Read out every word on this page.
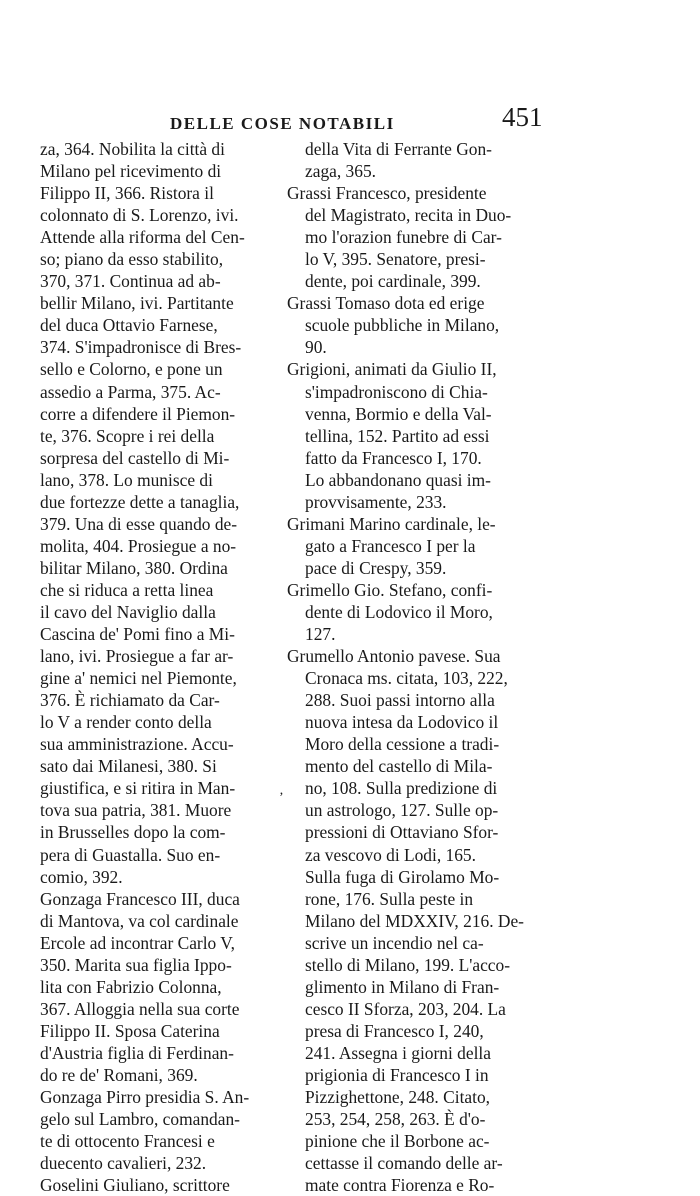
DELLE COSE NOTABILI	451
za, 364. Nobilita la città di
Milano pel ricevimento di
Filippo II, 366. Ristora il
colonnato di S. Lorenzo, ivi.
Attende alla riforma del Cen-
so; piano da esso stabilito,
370, 371. Continua ad ab-
bellir Milano, ivi. Partitante
del duca Ottavio Farnese,
374. S'impadronisce di Bres-
sello e Colorno, e pone un
assedio a Parma, 375. Ac-
corre a difendere il Piemon-
te, 376. Scopre i rei della
sorpresa del castello di Mi-
lano, 378. Lo munisce di
due fortezze dette a tanaglia,
379. Una di esse quando de-
molita, 404. Prosiegue a no-
bilitar Milano, 380. Ordina
che si riduca a retta linea
il cavo del Naviglio dalla
Cascina de' Pomi fino a Mi-
lano, ivi. Prosiegue a far ar-
gine a' nemici nel Piemonte,
376. È richiamato da Car-
lo V a render conto della
sua amministrazione. Accu-
sato dai Milanesi, 380. Si
giustifica, e si ritira in Man-
tova sua patria, 381. Muore
in Brusselles dopo la com-
pera di Guastalla. Suo en-
comio, 392.
Gonzaga Francesco III, duca
di Mantova, va col cardinale
Ercole ad incontrar Carlo V,
350. Marita sua figlia Ippo-
lita con Fabrizio Colonna,
367. Alloggia nella sua corte
Filippo II. Sposa Caterina
d'Austria figlia di Ferdinan-
do re de' Romani, 369.
Gonzaga Pirro presidia S. An-
gelo sul Lambro, comandan-
te di ottocento Francesi e
duecento cavalieri, 232.
Goselini Giuliano, scrittore
della Vita di Ferrante Gon-
zaga, 365.
Grassi Francesco, presidente
del Magistrato, recita in Duo-
mo l'orazion funebre di Car-
lo V, 395. Senatore, presi-
dente, poi cardinale, 399.
Grassi Tomaso dota ed erige
scuole pubbliche in Milano,
90.
Grigioni, animati da Giulio II,
s'impadroniscono di Chia-
venna, Bormio e della Val-
tellina, 152. Partito ad essi
fatto da Francesco I, 170.
Lo abbandonano quasi im-
provvisamente, 233.
Grimani Marino cardinale, le-
gato a Francesco I per la
pace di Crespy, 359.
Grimello Gio. Stefano, confi-
dente di Lodovico il Moro,
127.
Grumello Antonio pavese. Sua
Cronaca ms. citata, 103, 222,
288. Suoi passi intorno alla
nuova intesa da Lodovico il
Moro della cessione a tradi-
mento del castello di Mila-
no, 108. Sulla predizione di
un astrologo, 127. Sulle op-
pressioni di Ottaviano Sfor-
za vescovo di Lodi, 165.
Sulla fuga di Girolamo Mo-
rone, 176. Sulla peste in
Milano del MDXXIV, 216. De-
scrive un incendio nel ca-
stello di Milano, 199. L'acco-
glimento in Milano di Fran-
cesco II Sforza, 203, 204. La
presa di Francesco I, 240,
241. Assegna i giorni della
prigionia di Francesco I in
Pizzighettone, 248. Citato,
253, 254, 258, 263. È d'o-
pinione che il Borbone ac-
cettasse il comando delle ar-
mate contra Fiorenza e Ro-
‚
